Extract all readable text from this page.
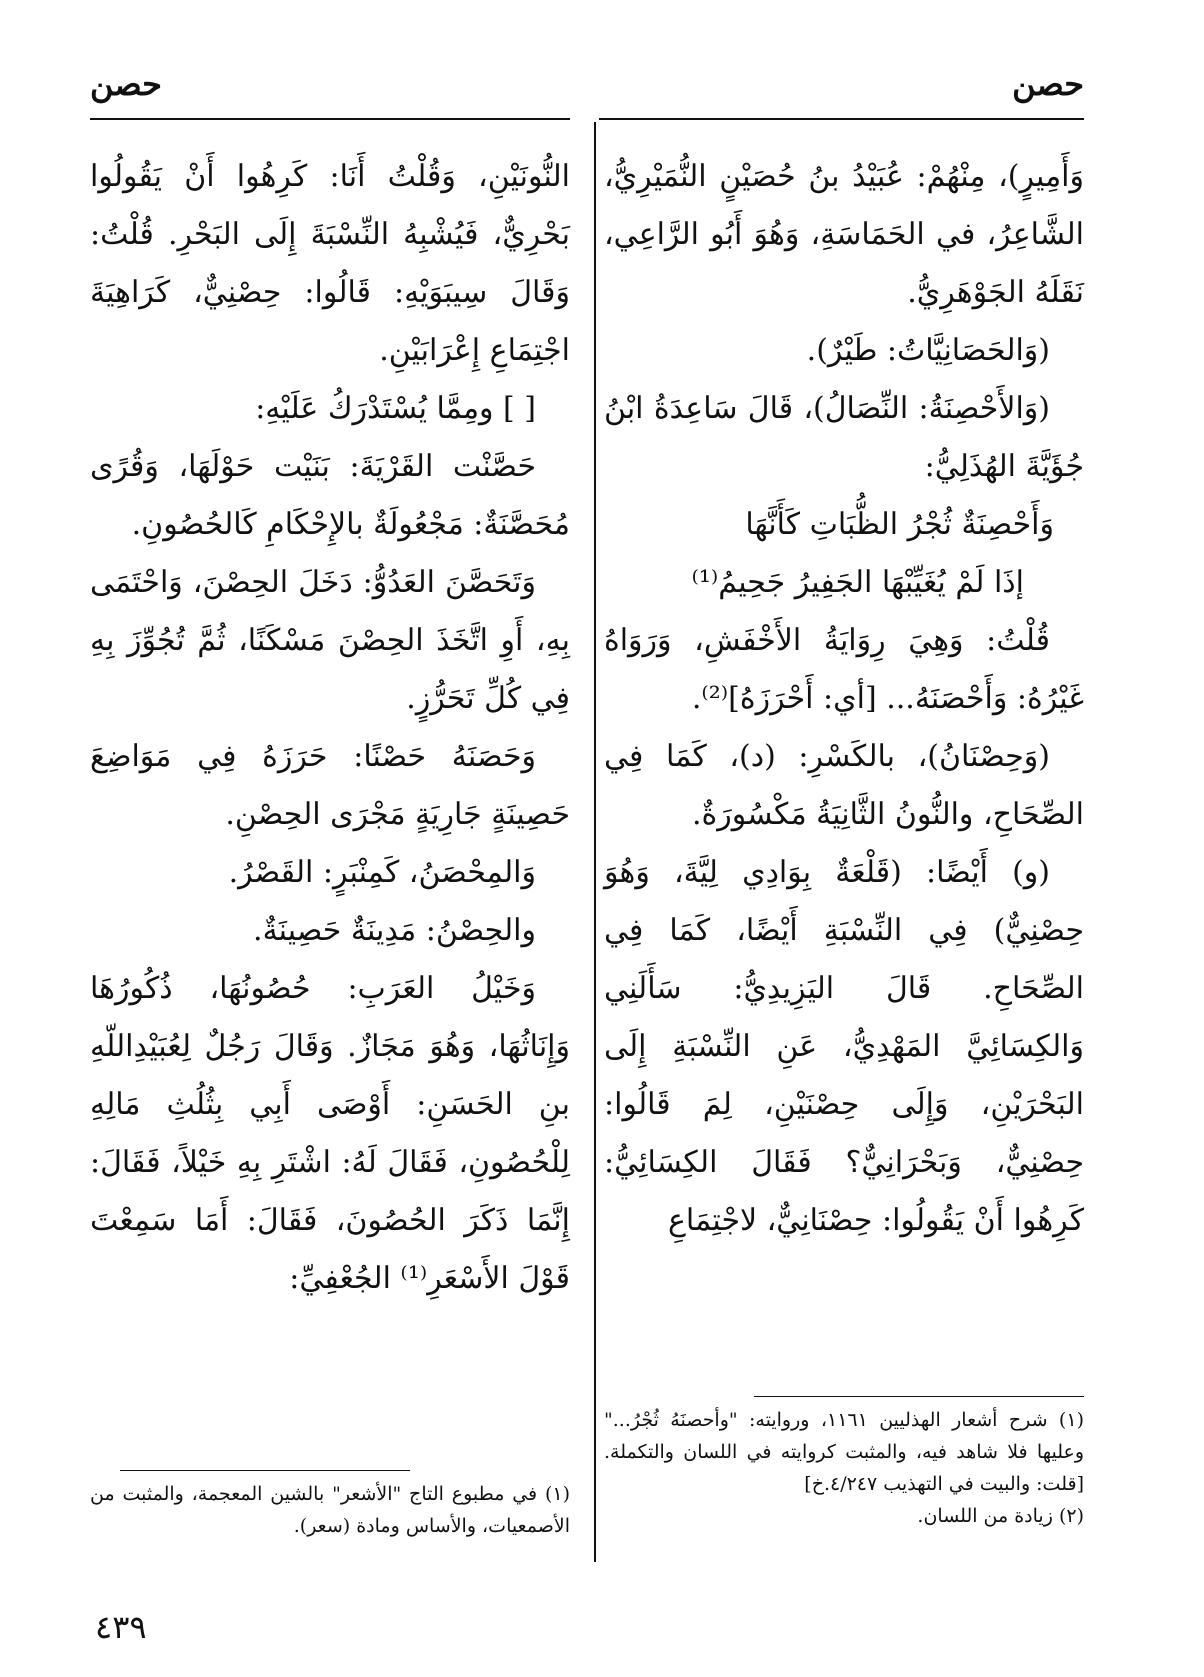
حصن
حصن

وَأَمِيرٍ)، مِنْهُمْ: عُبَيْدُ بنُ حُصَيْنٍ النُّمَيْرِيُّ، الشَّاعِرُ، في الحَمَاسَةِ، وَهُوَ أَبُو الرَّاعِي، نَقَلَهُ الجَوْهَرِيُّ.

(وَالحَصَانِيَّاتُ: طَيْرٌ).

(وَالأَحْصِنَةُ: النِّصَالُ)، قَالَ سَاعِدَةُ ابْنُ جُؤَيَّةَ الهُذَلِيُّ:

وَأَحْصِنَةٌ ثُجْرُ الظُّبَاتِ كَأَنَّهَا

إذَا لَمْ يُغَيِّبْهَا الجَفِيرُ جَحِيمُ⁽¹⁾

قُلْتُ: وَهِيَ رِوَايَةُ الأَخْفَشِ، وَرَوَاهُ غَيْرُهُ: وَأَحْصَنَهُ... [أي: أَحْرَزَهُ]⁽²⁾.

(وَحِصْنَانُ)، بالكَسْرِ: (د)، كَمَا فِي الصِّحَاحِ، والنُّونُ الثَّانِيَةُ مَكْسُورَةٌ.

(و) أَيْضًا: (قَلْعَةٌ بِوَادِي لِيَّةَ، وَهُوَ حِصْنِيٌّ) فِي النِّسْبَةِ أَيْضًا، كَمَا فِي الصِّحَاحِ. قَالَ اليَزِيدِيُّ: سَأَلَنِي وَالكِسَائِيَّ المَهْدِيُّ، عَنِ النِّسْبَةِ إِلَى البَحْرَيْنِ، وَإِلَى حِصْنَيْنِ، لِمَ قَالُوا: حِصْنِيٌّ، وَبَحْرَانِيٌّ؟ فَقَالَ الكِسَائِيُّ: كَرِهُوا أَنْ يَقُولُوا: حِصْنَانِيٌّ، لاجْتِمَاعِ

النُّونَيْنِ، وَقُلْتُ أَنَا: كَرِهُوا أَنْ يَقُولُوا بَحْرِيٌّ، فَيُشْبِهُ النِّسْبَةَ إِلَى البَحْرِ. قُلْتُ: وَقَالَ سِيبَوَيْهِ: قَالُوا: حِصْنِيٌّ، كَرَاهِيَةَ اجْتِمَاعِ إِعْرَابَيْنِ.

[ ] ومِمَّا يُسْتَدْرَكُ عَلَيْهِ:

حَصَّنْت القَرْيَةَ: بَنَيْت حَوْلَهَا، وَقُرًى مُحَصَّنَةٌ: مَجْعُولَةٌ بالإِحْكَامِ كَالحُصُونِ.

وَتَحَصَّنَ العَدُوُّ: دَخَلَ الحِصْنَ، وَاحْتَمَى بِهِ، أَوِ اتَّخَذَ الحِصْنَ مَسْكَنًا، ثُمَّ تُجُوِّزَ بِهِ فِي كُلِّ تَحَرُّزٍ.

وَحَصَنَهُ حَصْنًا: حَرَزَهُ فِي مَوَاضِعَ حَصِينَةٍ جَارِيَةٍ مَجْرَى الحِصْنِ.

وَالمِحْصَنُ، كَمِنْبَرٍ: القَصْرُ.

والحِصْنُ: مَدِينَةٌ حَصِينَةٌ.

وَخَيْلُ العَرَبِ: حُصُونُهَا، ذُكُورُهَا وَإِنَاثُهَا، وَهُوَ مَجَازٌ. وَقَالَ رَجُلٌ لِعُبَيْدِاللّهِ بنِ الحَسَنِ: أَوْصَى أَبِي بِثُلُثِ مَالِهِ لِلْحُصُونِ، فَقَالَ لَهُ: اشْتَرِ بِهِ خَيْلاً، فَقَالَ: إِنَّمَا ذَكَرَ الحُصُونَ، فَقَالَ: أَمَا سَمِعْتَ قَوْلَ الأَسْعَرِ⁽¹⁾ الجُعْفِيِّ:

(١) شرح أشعار الهذليين ١١٦١، وروايته: "وأحصنَهُ ثُجْرُ..." وعليها فلا شاهد فيه، والمثبت كروايته في اللسان والتكملة. [قلت: والبيت في التهذيب ٤/٢٤٧.خ]
(٢) زيادة من اللسان.
(١) في مطبوع التاج "الأشعر" بالشين المعجمة، والمثبت من الأصمعيات، والأساس ومادة (سعر).
٤٣٩
